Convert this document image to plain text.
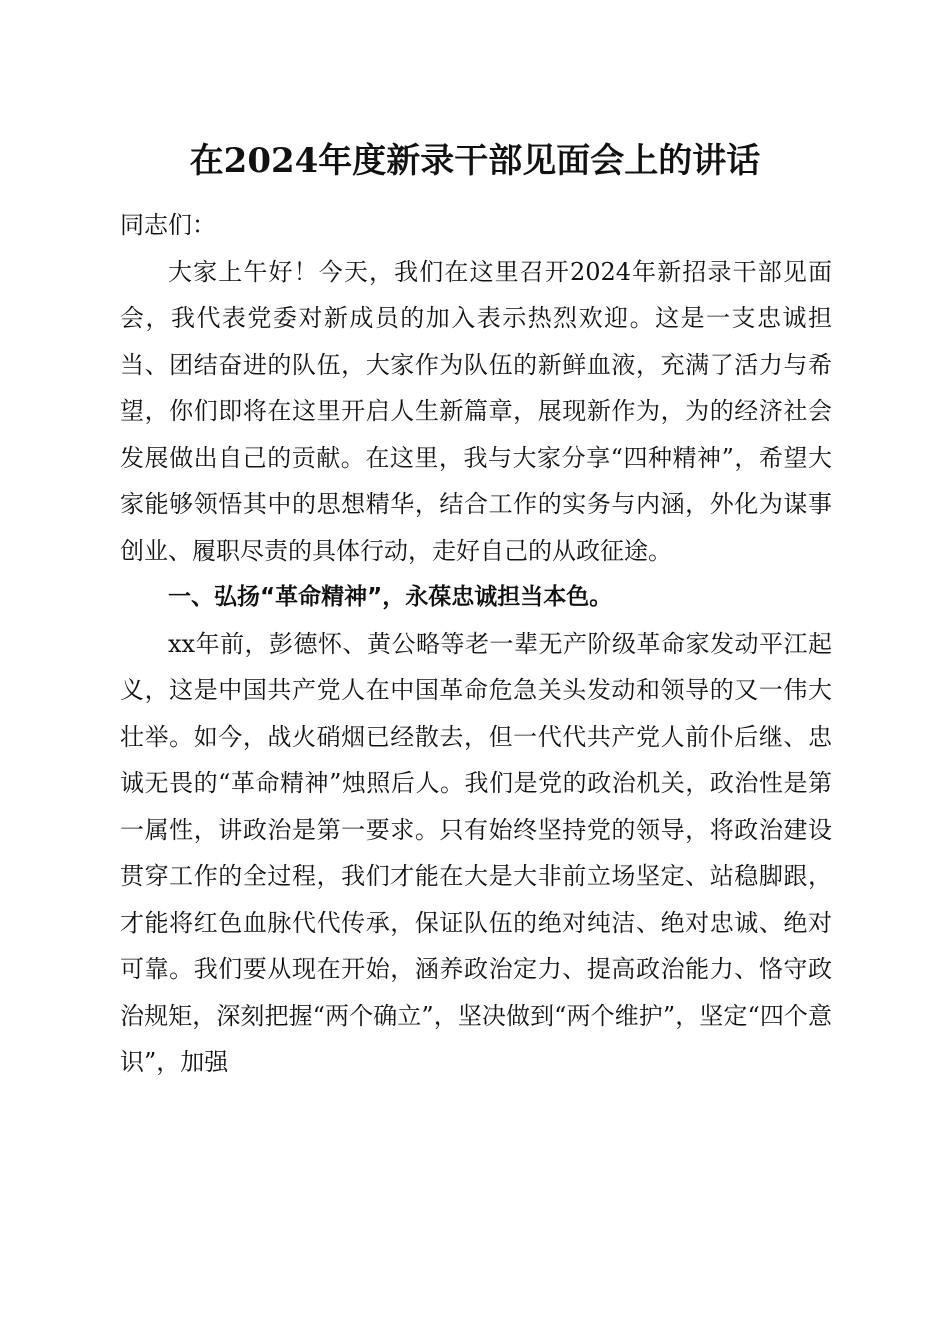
在2024年度新录干部见面会上的讲话

同志们：

大家上午好！今天，我们在这里召开2024年新招录干部见面会，我代表党委对新成员的加入表示热烈欢迎。这是一支忠诚担当、团结奋进的队伍，大家作为队伍的新鲜血液，充满了活力与希望，你们即将在这里开启人生新篇章，展现新作为，为的经济社会发展做出自己的贡献。在这里，我与大家分享“四种精神”，希望大家能够领悟其中的思想精华，结合工作的实务与内涵，外化为谋事创业、履职尽责的具体行动，走好自己的从政征途。

一、弘扬“革命精神”，永葆忠诚担当本色。

xx年前，彭德怀、黄公略等老一辈无产阶级革命家发动平江起义，这是中国共产党人在中国革命危急关头发动和领导的又一伟大壮举。如今，战火硝烟已经散去，但一代代共产党人前仆后继、忠诚无畏的“革命精神”烛照后人。我们是党的政治机关，政治性是第一属性，讲政治是第一要求。只有始终坚持党的领导，将政治建设贯穿工作的全过程，我们才能在大是大非前立场坚定、站稳脚跟，才能将红色血脉代代传承，保证队伍的绝对纯洁、绝对忠诚、绝对可靠。我们要从现在开始，涵养政治定力、提高政治能力、恪守政治规矩，深刻把握“两个确立”，坚决做到“两个维护”，坚定“四个意识”，加强
